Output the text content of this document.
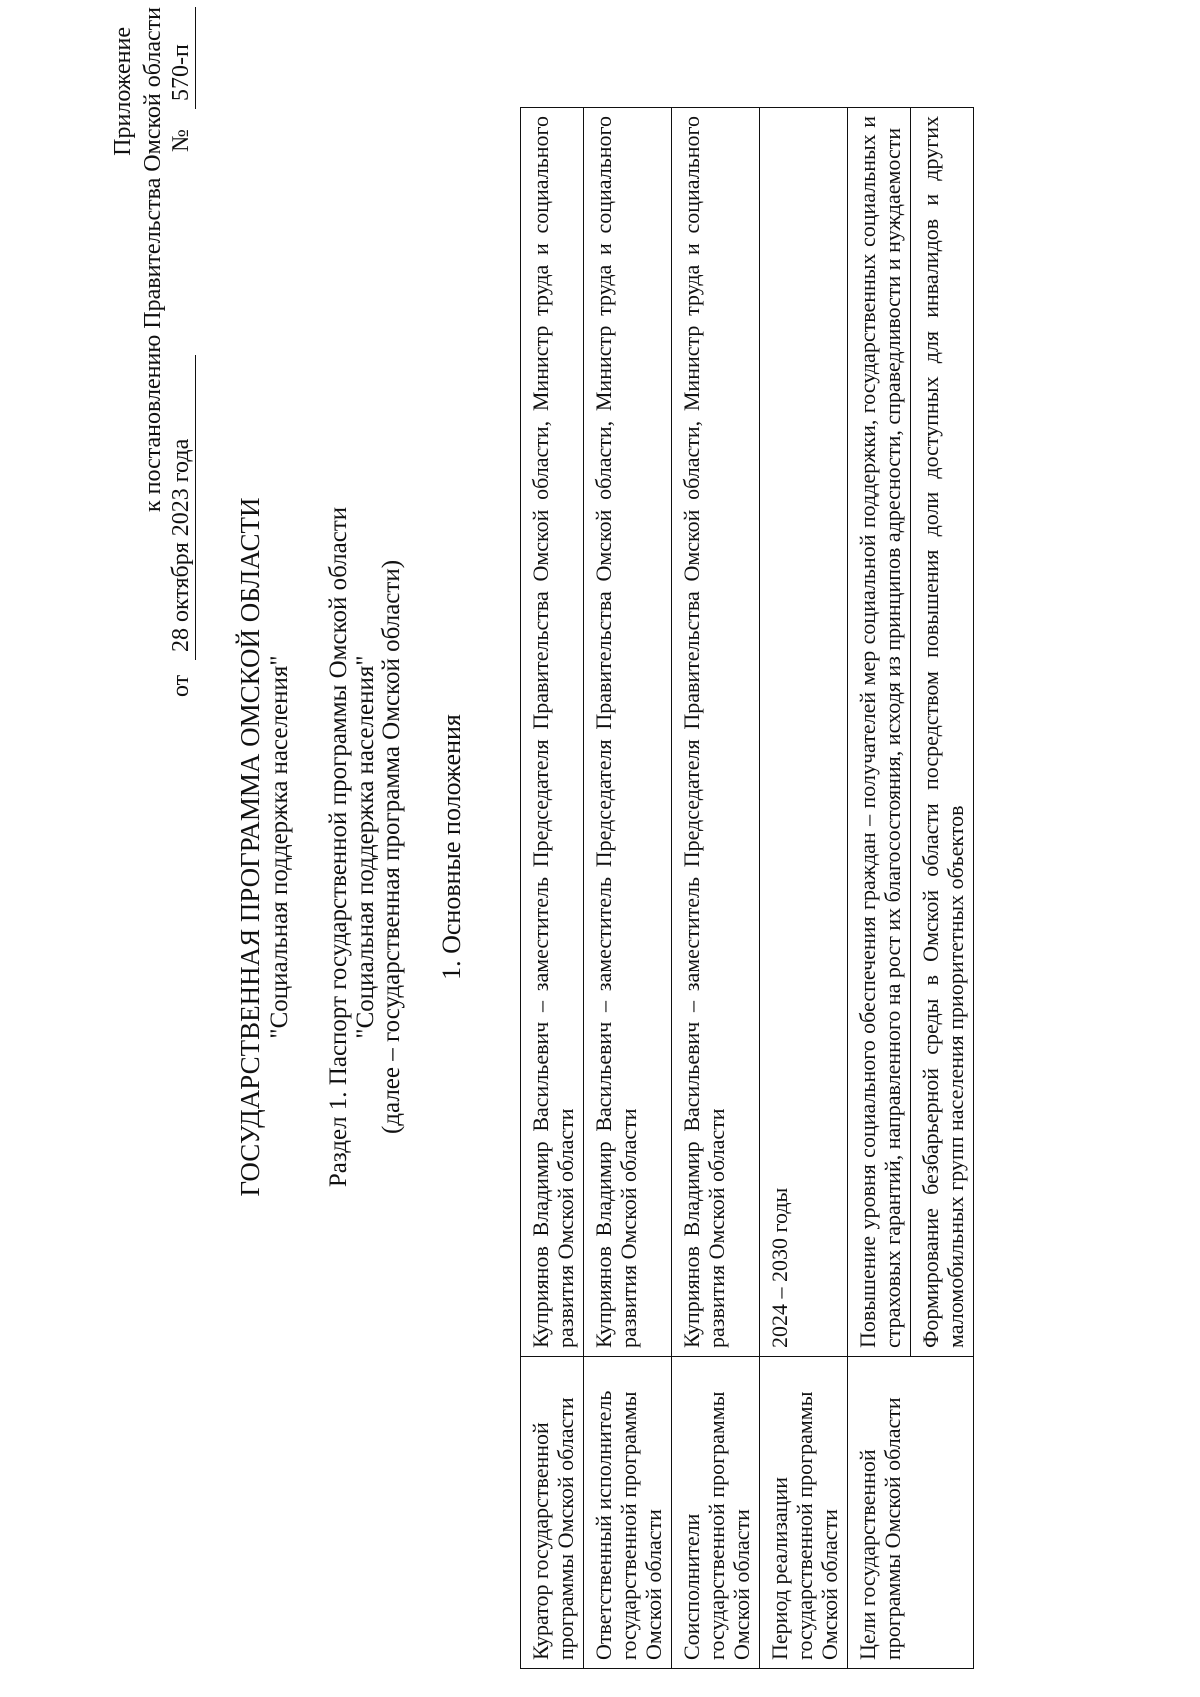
Приложение к постановлению Правительства Омской области
от
28 октября 2023 года
№
570-п
ГОСУДАРСТВЕННАЯ ПРОГРАММА ОМСКОЙ ОБЛАСТИ "Социальная поддержка населения" Раздел 1. Паспорт государственной программы Омской области "Социальная поддержка населения" (далее – государственная программа Омской области) 1. Основные положения
Куратор государственной программы Омской области	Куприянов Владимир Васильевич – заместитель Председателя Правительства Омской области, Министр труда и социального развития Омской области
Ответственный исполнитель государственной программы Омской области	Куприянов Владимир Васильевич – заместитель Председателя Правительства Омской области, Министр труда и социального развития Омской области
Соисполнители государственной программы Омской области	Куприянов Владимир Васильевич – заместитель Председателя Правительства Омской области, Министр труда и социального развития Омской области
Период реализации государственной программы Омской области	2024 – 2030 годы
Цели государственной программы Омской области	Повышение уровня социального обеспечения граждан – получателей мер социальной поддержки, государственных социальных и страховых гарантий, направленного на рост их благосостояния, исходя из принципов адресности, справедливости и нуждаемости
	Формирование безбарьерной среды в Омской области посредством повышения доли доступных для инвалидов и других маломобильных групп населения приоритетных объектов
